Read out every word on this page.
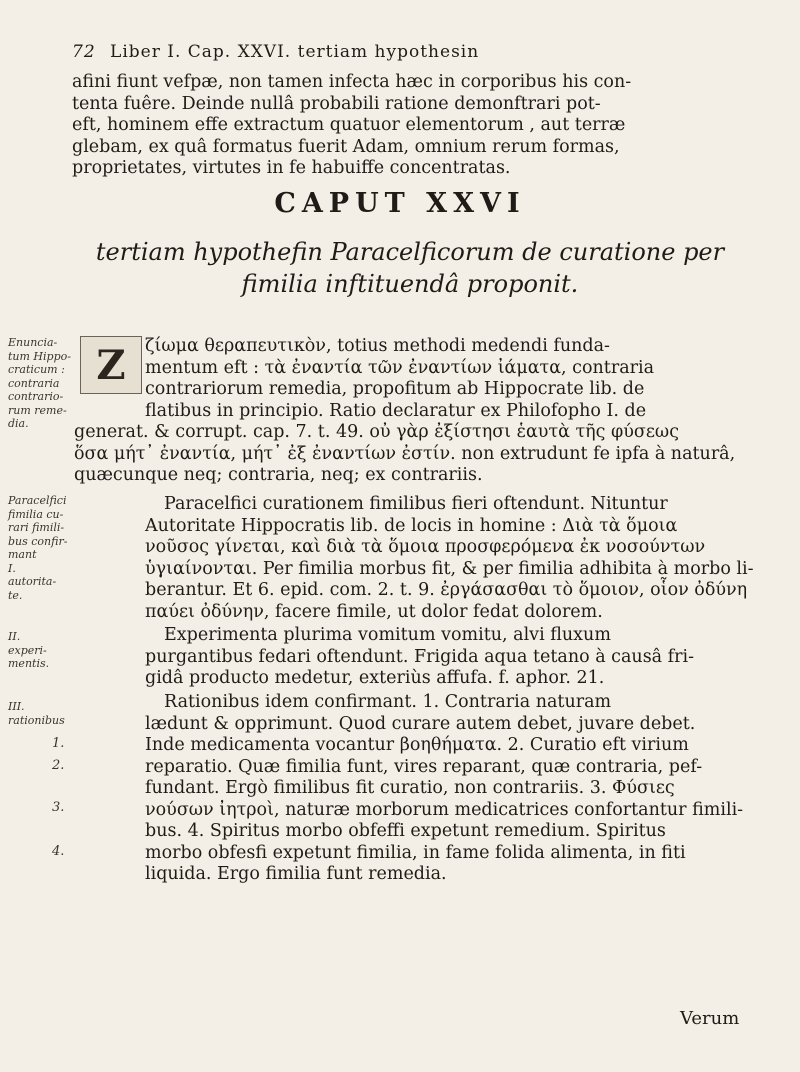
72 Liber I. Cap. XXVI. tertiam hypothesin
afini fiunt vefpæ, non tamen infecta hæc in corporibus his con-
tenta fuêre. Deinde nullâ probabili ratione demonftrari pot-
eft, hominem effe extractum quatuor elementorum , aut terræ
glebam, ex quâ formatus fuerit Adam, omnium rerum formas,
proprietates, virtutes in fe habuiffe concentratas.
CAPUT XXVI
tertiam hypothefin Paracelficorum de curatione per
fimilia inftituendâ proponit.
Z
Enuncia-
tum Hippo-
craticum :
contraria
contrario-
rum reme-
dia.
ζίωμα θεραπευτικὸν, totius methodi medendi funda-
mentum eft : τὰ ἐναντία τῶν ἐναντίων ἰάματα, contraria
contrariorum remedia, propofitum ab Hippocrate lib. de
flatibus in principio. Ratio declaratur ex Philofopho I. de
generat. & corrupt. cap. 7. t. 49. οὐ γὰρ ἐξίστησι ἑαυτὰ τῆς φύσεως
ὅσα μήτ᾽ ἐναντία, μήτ᾽ ἐξ ἐναντίων ἐστίν. non extrudunt fe ipfa à naturâ,
quæcunque neq; contraria, neq; ex contrariis.
Paracelfici
fimilia cu-
rari fimili-
bus confir-
mant
I.
autorita-
te.
Paracelfici curationem fimilibus fieri oftendunt. Nituntur
Autoritate Hippocratis lib. de locis in homine : Διὰ τὰ ὅμοια
νοῦσος γίνεται, καὶ διὰ τὰ ὅμοια προσφερόμενα ἐκ νοσούντων
ὑγιαίνονται. Per fimilia morbus fit, & per fimilia adhibita à morbo li-
berantur. Et 6. epid. com. 2. t. 9. ἐργάσασθαι τὸ ὅμοιον, οἷον ὀδύνη
παύει ὀδύνην, facere fimile, ut dolor fedat dolorem.
II.
experi-
mentis.
Experimenta plurima vomitum vomitu, alvi fluxum
purgantibus fedari oftendunt. Frigida aqua tetano à causâ fri-
gidâ producto medetur, exteriùs affufa. f. aphor. 21.
III.
rationibus
1.
2.
3.
4.
Rationibus idem confirmant. 1. Contraria naturam
lædunt & opprimunt. Quod curare autem debet, juvare debet.
Inde medicamenta vocantur βοηθήματα. 2. Curatio eft virium
reparatio. Quæ fimilia funt, vires reparant, quæ contraria, pef-
fundant. Ergò fimilibus fit curatio, non contrariis. 3. Φύσιες
νούσων ἰητροὶ, naturæ morborum medicatrices confortantur fimili-
bus. 4. Spiritus morbo obfeffi expetunt remedium. Spiritus
morbo obfesfi expetunt fimilia, in fame folida alimenta, in fiti
liquida. Ergo fimilia funt remedia.
Verum
